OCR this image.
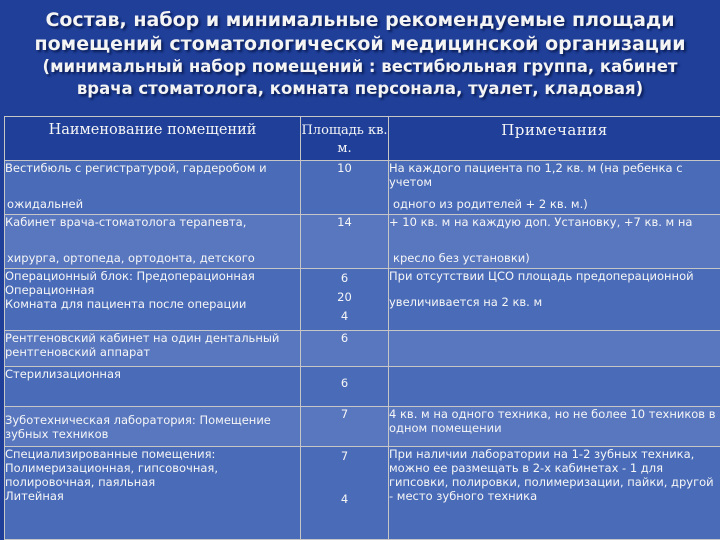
Состав, набор и минимальные рекомендуемые площади
помещений стоматологической медицинской организации
(минимальный набор помещений : вестибюльная группа, кабинет
врача стоматолога, комната персонала, туалет, кладовая)
Наименование помещений	Площадь кв. м.	Примечания

Вестибюль с регистратурой, гардеробом и
ожидальней	10	На каждого пациента по 1,2 кв. м (на ребенка с учетом
одного из родителей + 2 кв. м.)

Кабинет врача-стоматолога терапевта,
хирурга, ортопеда, ортодонта, детского	14	+ 10 кв. м на каждую доп. Установку, +7 кв. м на
кресло без установки)

Операционный блок: Предоперационная
Операционная
Комната для пациента после операции	6
20
4	При отсутствии ЦСО площадь предоперационной
увеличивается на 2 кв. м

Рентгеновский кабинет на один дентальный рентгеновский аппарат	6	
Стерилизационная	6	
Зуботехническая лаборатория: Помещение зубных техников	7	4 кв. м на одного техника, но не более 10 техников в одном помещении

Специализированные помещения:
Полимеризационная, гипсовочная,
полировочная, паяльная
Литейная	7
4	При наличии лаборатории на 1-2 зубных техника, можно ее размещать в 2-х кабинетах - 1 для гипсовки, полировки, полимеризации, пайки, другой - место зубного техника
